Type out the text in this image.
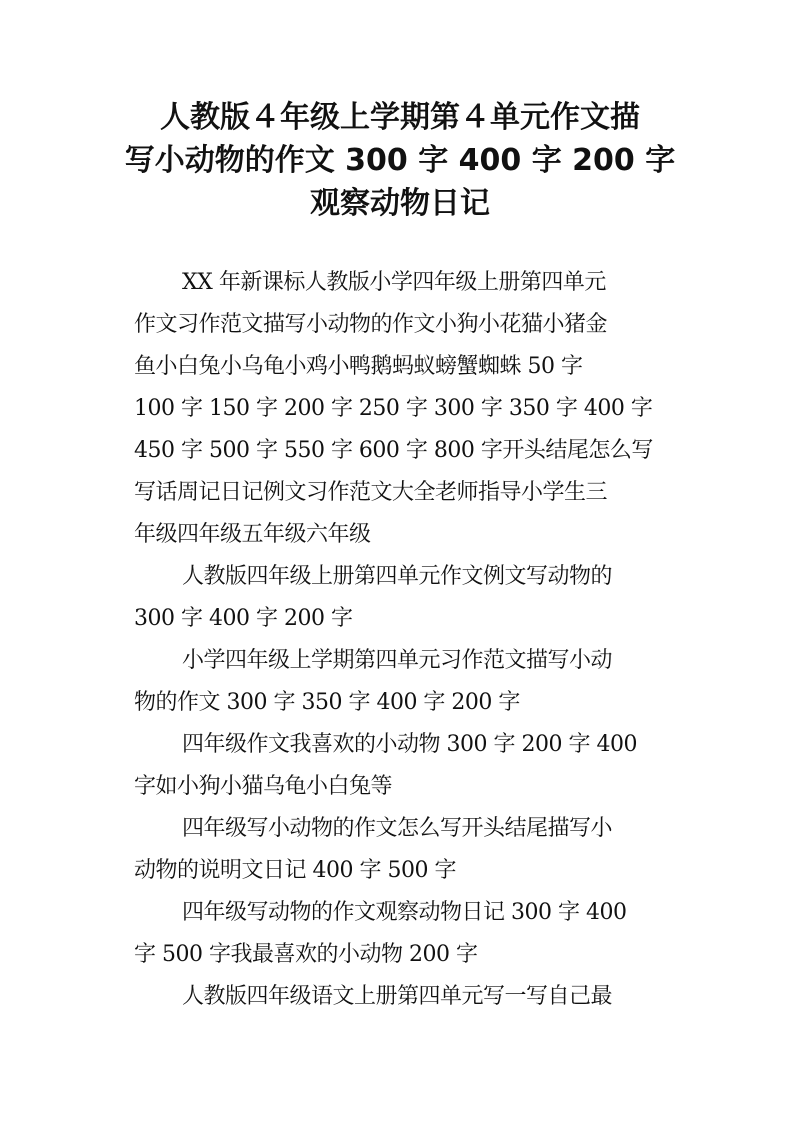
人教版４年级上学期第４单元作文描
写小动物的作文 300 字 400 字 200 字
观察动物日记

XX 年新课标人教版小学四年级上册第四单元
作文习作范文描写小动物的作文小狗小花猫小猪金
鱼小白兔小乌龟小鸡小鸭鹅蚂蚁螃蟹蜘蛛 50 字
100 字 150 字 200 字 250 字 300 字 350 字 400 字
450 字 500 字 550 字 600 字 800 字开头结尾怎么写
写话周记日记例文习作范文大全老师指导小学生三
年级四年级五年级六年级

人教版四年级上册第四单元作文例文写动物的
300 字 400 字 200 字

小学四年级上学期第四单元习作范文描写小动
物的作文 300 字 350 字 400 字 200 字

四年级作文我喜欢的小动物 300 字 200 字 400
字如小狗小猫乌龟小白兔等

四年级写小动物的作文怎么写开头结尾描写小
动物的说明文日记 400 字 500 字

四年级写动物的作文观察动物日记 300 字 400
字 500 字我最喜欢的小动物 200 字

人教版四年级语文上册第四单元写一写自己最
